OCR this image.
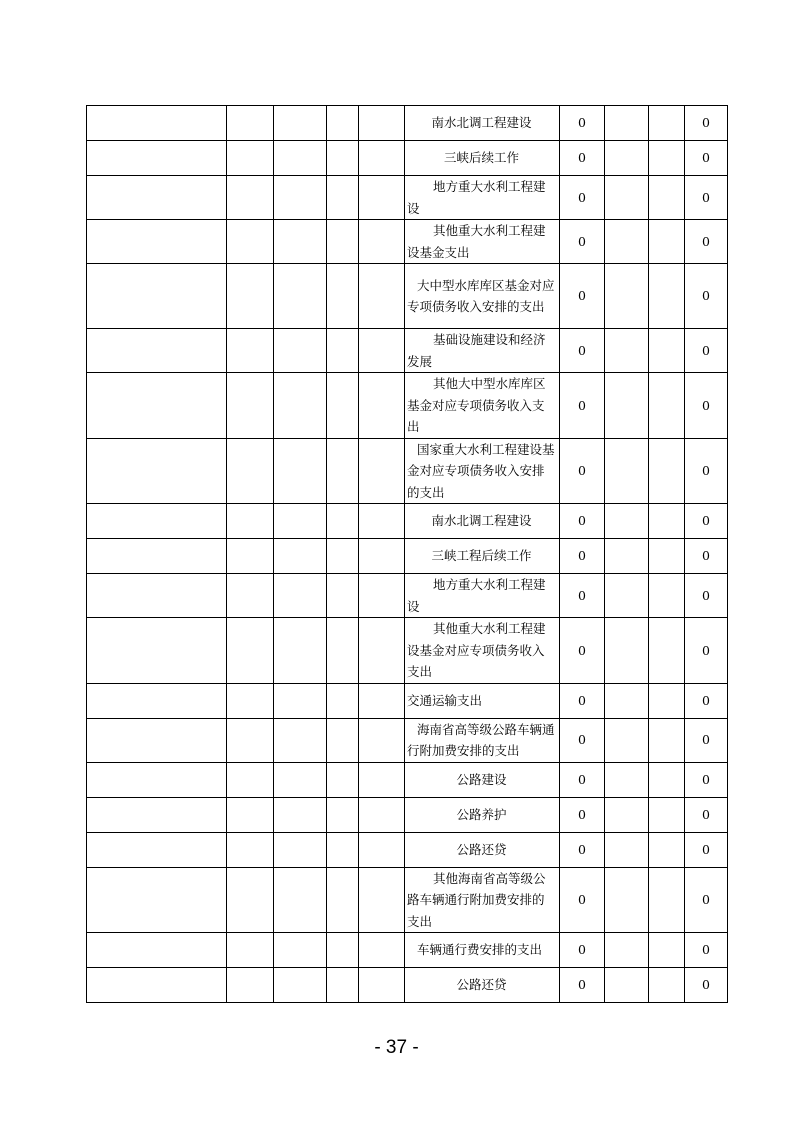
					南水北调工程建设	0			0
					三峡后续工作	0			0
					地方重大水利工程建设	0			0
					其他重大水利工程建设基金支出	0			0
					大中型水库库区基金对应专项债务收入安排的支出	0			0
					基础设施建设和经济发展	0			0
					其他大中型水库库区基金对应专项债务收入支出	0			0
					国家重大水利工程建设基金对应专项债务收入安排的支出	0			0
					南水北调工程建设	0			0
					三峡工程后续工作	0			0
					地方重大水利工程建设	0			0
					其他重大水利工程建设基金对应专项债务收入支出	0			0
					交通运输支出	0			0
					海南省高等级公路车辆通行附加费安排的支出	0			0
					公路建设	0			0
					公路养护	0			0
					公路还贷	0			0
					其他海南省高等级公路车辆通行附加费安排的支出	0			0
					车辆通行费安排的支出	0			0
					公路还贷	0			0
- 37 -
